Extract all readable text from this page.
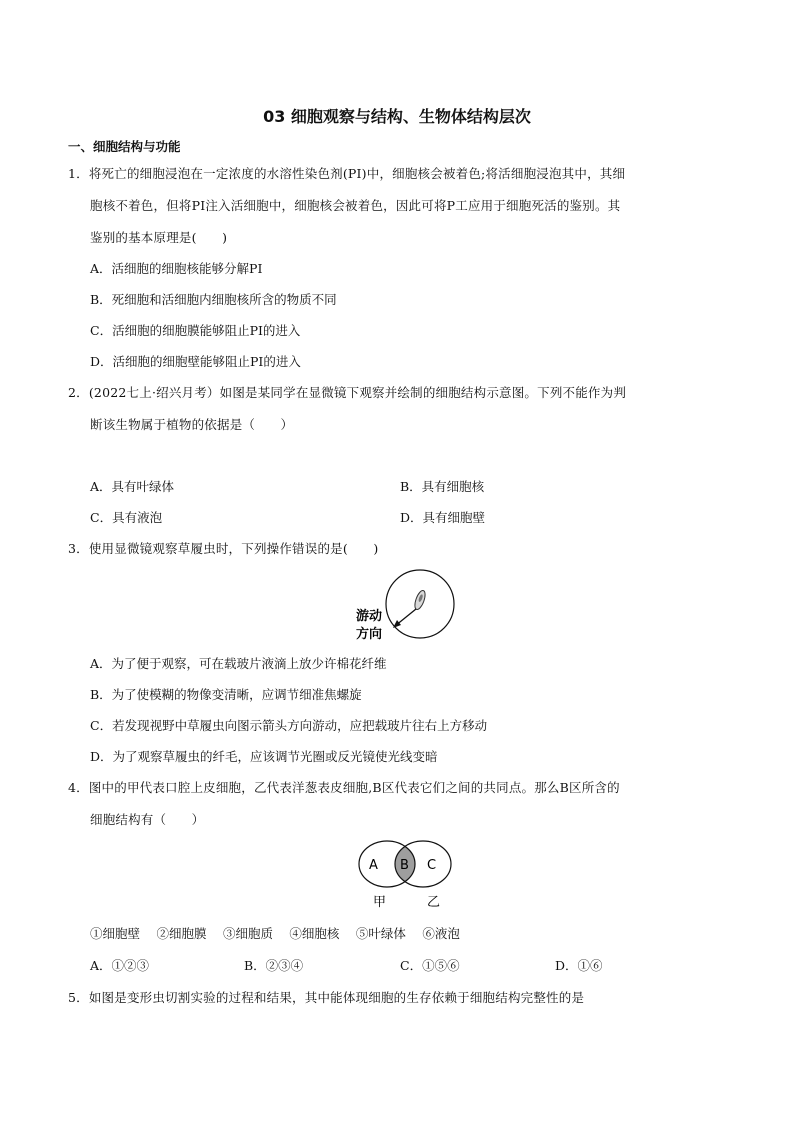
03 细胞观察与结构、生物体结构层次
一、细胞结构与功能
1．将死亡的细胞浸泡在一定浓度的水溶性染色剂(PI)中，细胞核会被着色;将活细胞浸泡其中，其细
胞核不着色，但将PI注入活细胞中，细胞核会被着色，因此可将P工应用于细胞死活的鉴别。其
鉴别的基本原理是(　　)
A．活细胞的细胞核能够分解PI
B．死细胞和活细胞内细胞核所含的物质不同
C．活细胞的细胞膜能够阻止PI的进入
D．活细胞的细胞壁能够阻止PI的进入
2．(2022七上·绍兴月考）如图是某同学在显微镜下观察并绘制的细胞结构示意图。下列不能作为判
断该生物属于植物的依据是（　　）
A．具有叶绿体	B．具有细胞核
C．具有液泡	D．具有细胞壁
3．使用显微镜观察草履虫时，下列操作错误的是(　　)
游动
方向
A．为了便于观察，可在载玻片液滴上放少许棉花纤维
B．为了使模糊的物像变清晰，应调节细准焦螺旋
C．若发现视野中草履虫向图示箭头方向游动，应把载玻片往右上方移动
D．为了观察草履虫的纤毛，应该调节光圈或反光镜使光线变暗
4．图中的甲代表口腔上皮细胞，乙代表洋葱表皮细胞,B区代表它们之间的共同点。那么B区所含的
细胞结构有（　　）
A B C
甲	乙
①细胞壁　 ②细胞膜　 ③细胞质　 ④细胞核　 ⑤叶绿体　 ⑥液泡
A．①②③	B．②③④	C．①⑤⑥	D．①⑥
5．如图是变形虫切割实验的过程和结果，其中能体现细胞的生存依赖于细胞结构完整性的是
